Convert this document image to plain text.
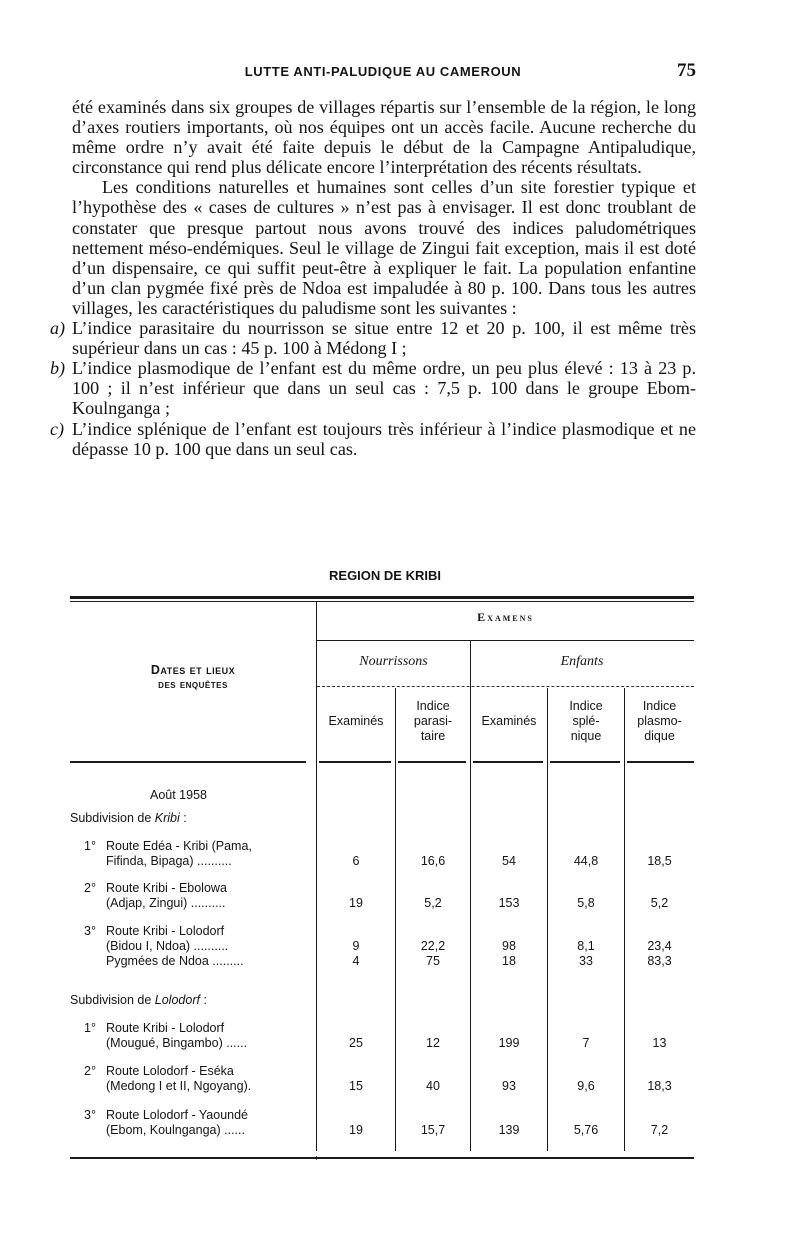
LUTTE ANTI-PALUDIQUE AU CAMEROUN	75

été examinés dans six groupes de villages répartis sur l’ensemble de la région, le long d’axes routiers importants, où nos équipes ont un accès facile. Aucune recherche du même ordre n’y avait été faite depuis le début de la Campagne Antipaludique, circonstance qui rend plus délicate encore l’interprétation des récents résultats.

Les conditions naturelles et humaines sont celles d’un site forestier typique et l’hypothèse des « cases de cultures » n’est pas à envisager. Il est donc troublant de constater que presque partout nous avons trouvé des indices paludométriques nettement méso-endémiques. Seul le village de Zingui fait exception, mais il est doté d’un dispensaire, ce qui suffit peut-être à expliquer le fait. La population enfantine d’un clan pygmée fixé près de Ndoa est impaludée à 80 p. 100. Dans tous les autres villages, les caractéristiques du paludisme sont les suivantes :

a) L’indice parasitaire du nourrisson se situe entre 12 et 20 p. 100, il est même très supérieur dans un cas : 45 p. 100 à Médong I ;

b) L’indice plasmodique de l’enfant est du même ordre, un peu plus élevé : 13 à 23 p. 100 ; il n’est inférieur que dans un seul cas : 7,5 p. 100 dans le groupe Ebom-Koulnganga ;

c) L’indice splénique de l’enfant est toujours très inférieur à l’indice plasmodique et ne dépasse 10 p. 100 que dans un seul cas.

REGION DE KRIBI
Examens
Nourrissons	Enfants
Dates et lieux
des enquêtes
Examinés
Indice
parasi-
taire
Examinés
Indice
splé-
nique
Indice
plasmo-
dique
Août 1958
Subdivision de Kribi :
1° Route Edéa - Kribi (Pama,
Fifinda, Bipaga) ..........	6	16,6	54	44,8	18,5
2° Route Kribi - Ebolowa
(Adjap, Zingui) ..........	19	5,2	153	5,8	5,2
3° Route Kribi - Lolodorf
(Bidou I, Ndoa) ..........	9	22,2	98	8,1	23,4
Pygmées de Ndoa .........	4	75	18	33	83,3
Subdivision de Lolodorf :
1° Route Kribi - Lolodorf
(Mougué, Bingambo) ......	25	12	199	7	13
2° Route Lolodorf - Eséka
(Medong I et II, Ngoyang).	15	40	93	9,6	18,3
3° Route Lolodorf - Yaoundé
(Ebom, Koulnganga) ......	19	15,7	139	5,76	7,2
